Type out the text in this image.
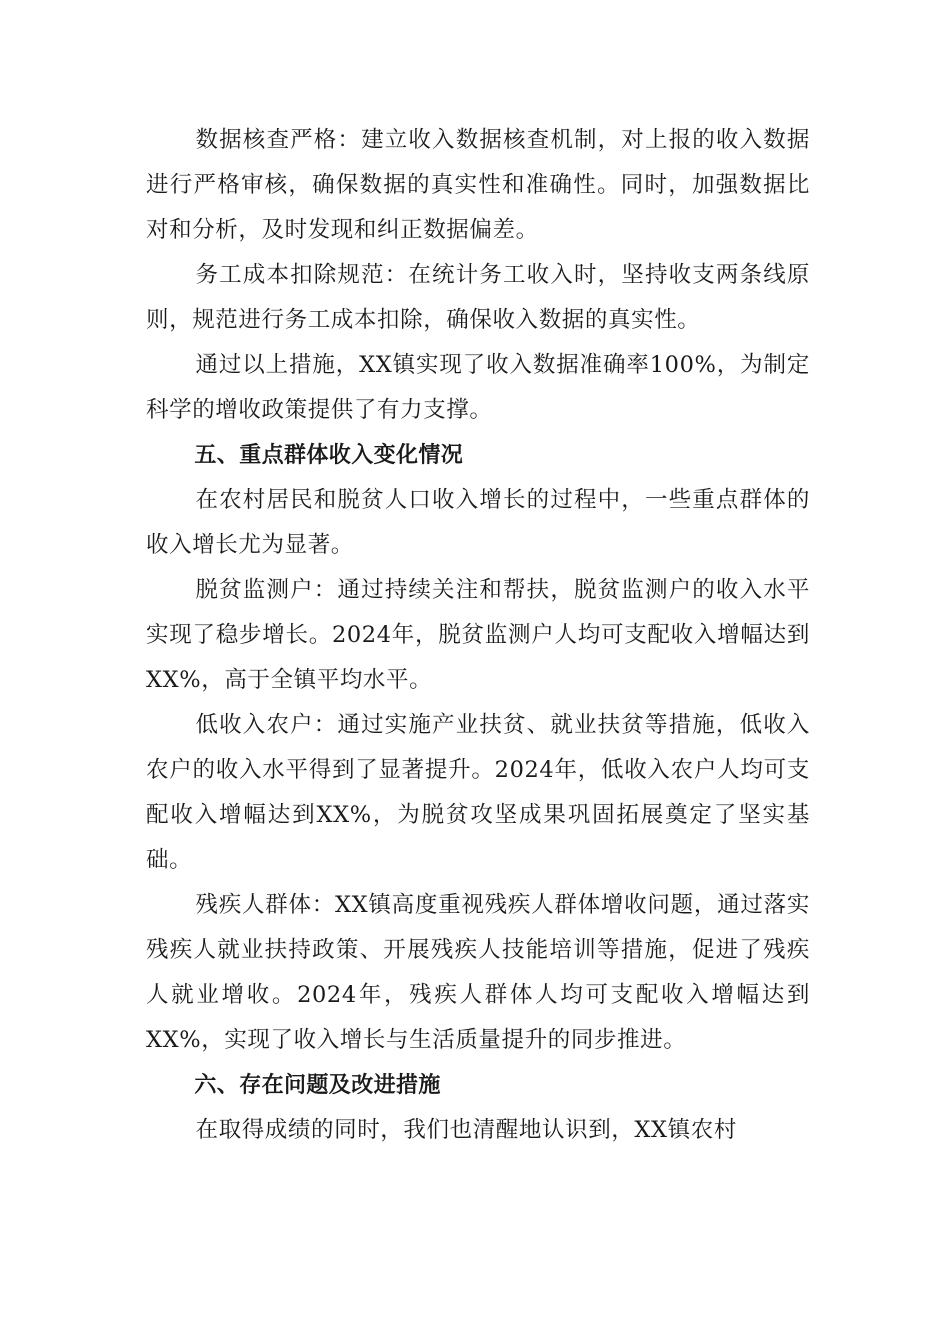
数据核查严格：建立收入数据核查机制，对上报的收入数据进行严格审核，确保数据的真实性和准确性。同时，加强数据比对和分析，及时发现和纠正数据偏差。

务工成本扣除规范：在统计务工收入时，坚持收支两条线原则，规范进行务工成本扣除，确保收入数据的真实性。

通过以上措施，XX镇实现了收入数据准确率100%，为制定科学的增收政策提供了有力支撑。

五、重点群体收入变化情况

在农村居民和脱贫人口收入增长的过程中，一些重点群体的收入增长尤为显著。

脱贫监测户：通过持续关注和帮扶，脱贫监测户的收入水平实现了稳步增长。2024年，脱贫监测户人均可支配收入增幅达到XX%，高于全镇平均水平。

低收入农户：通过实施产业扶贫、就业扶贫等措施，低收入农户的收入水平得到了显著提升。2024年，低收入农户人均可支配收入增幅达到XX%，为脱贫攻坚成果巩固拓展奠定了坚实基础。

残疾人群体：XX镇高度重视残疾人群体增收问题，通过落实残疾人就业扶持政策、开展残疾人技能培训等措施，促进了残疾人就业增收。2024年，残疾人群体人均可支配收入增幅达到XX%，实现了收入增长与生活质量提升的同步推进。

六、存在问题及改进措施

在取得成绩的同时，我们也清醒地认识到，XX镇农村
